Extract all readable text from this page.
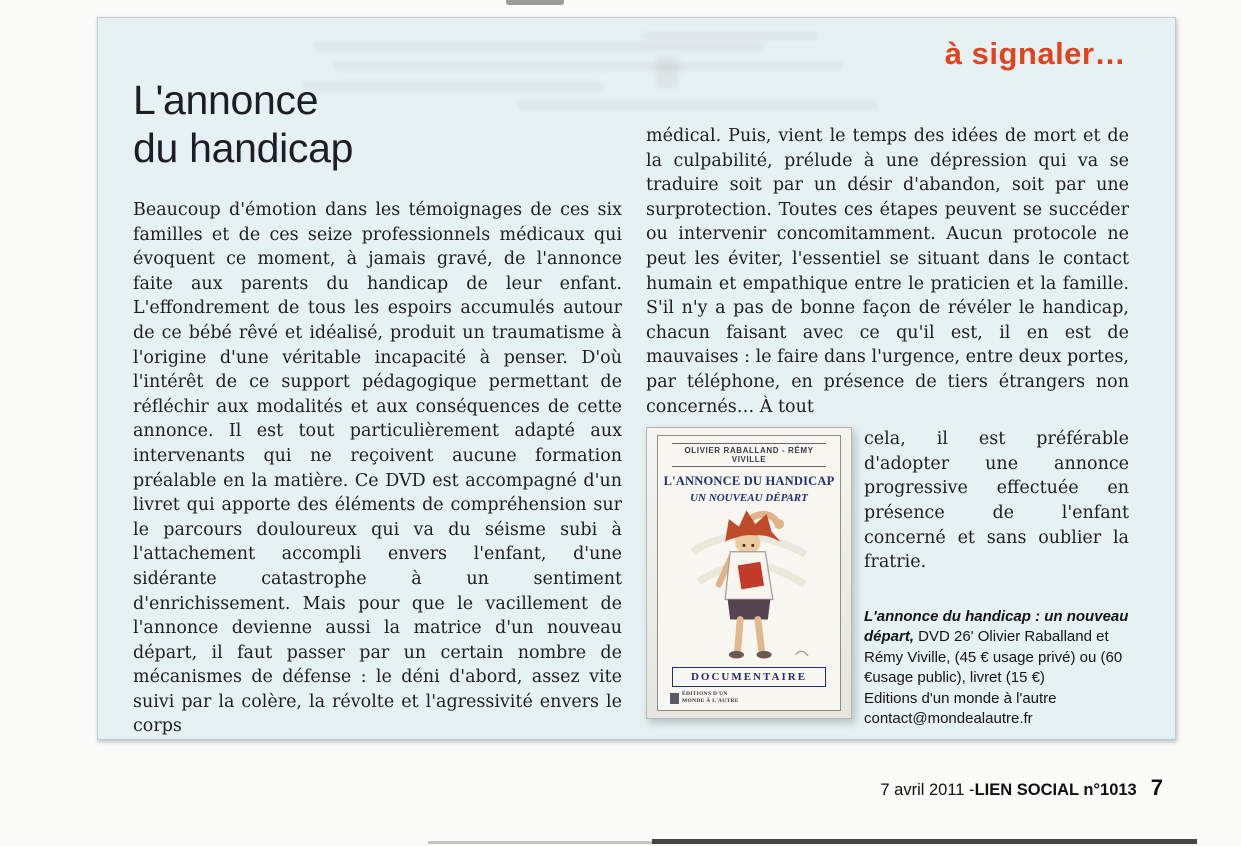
à signaler…
L'annonce
du handicap

Beaucoup d'émotion dans les témoignages de ces six familles et de ces seize professionnels médicaux qui évoquent ce moment, à jamais gravé, de l'annonce faite aux parents du handicap de leur enfant. L'effondrement de tous les espoirs accumulés autour de ce bébé rêvé et idéalisé, produit un traumatisme à l'origine d'une véritable incapacité à penser. D'où l'intérêt de ce support pédagogique permettant de réfléchir aux modalités et aux conséquences de cette annonce. Il est tout particulièrement adapté aux intervenants qui ne reçoivent aucune formation préalable en la matière. Ce DVD est accompagné d'un livret qui apporte des éléments de compréhension sur le parcours douloureux qui va du séisme subi à l'attachement accompli envers l'enfant, d'une sidérante catastrophe à un sentiment d'enrichissement. Mais pour que le vacillement de l'annonce devienne aussi la matrice d'un nouveau départ, il faut passer par un certain nombre de mécanismes de défense : le déni d'abord, assez vite suivi par la colère, la révolte et l'agressivité envers le corps

médical. Puis, vient le temps des idées de mort et de la culpabilité, prélude à une dépression qui va se traduire soit par un désir d'abandon, soit par une surprotection. Toutes ces étapes peuvent se succéder ou intervenir concomitamment. Aucun protocole ne peut les éviter, l'essentiel se situant dans le contact humain et empathique entre le praticien et la famille. S'il n'y a pas de bonne façon de révéler le handicap, chacun faisant avec ce qu'il est, il en est de mauvaises : le faire dans l'urgence, entre deux portes, par téléphone, en présence de tiers étrangers non concernés… À tout

OLIVIER RABALLAND - RÉMY VIVILLE
L'ANNONCE DU HANDICAP
UN NOUVEAU DÉPART
DOCUMENTAIRE
ÉDITIONS D'UN MONDE À L'AUTRE

cela, il est préférable d'adopter une annonce progressive effectuée en présence de l'enfant concerné et sans oublier la fratrie.

L'annonce du handicap : un nouveau départ, DVD 26' Olivier Raballand et Rémy Viville, (45 € usage privé) ou (60 €usage public), livret (15 €)
Editions d'un monde à l'autre
contact@mondealautre.fr
7 avril 2011 - LIEN SOCIAL n°1013 7
